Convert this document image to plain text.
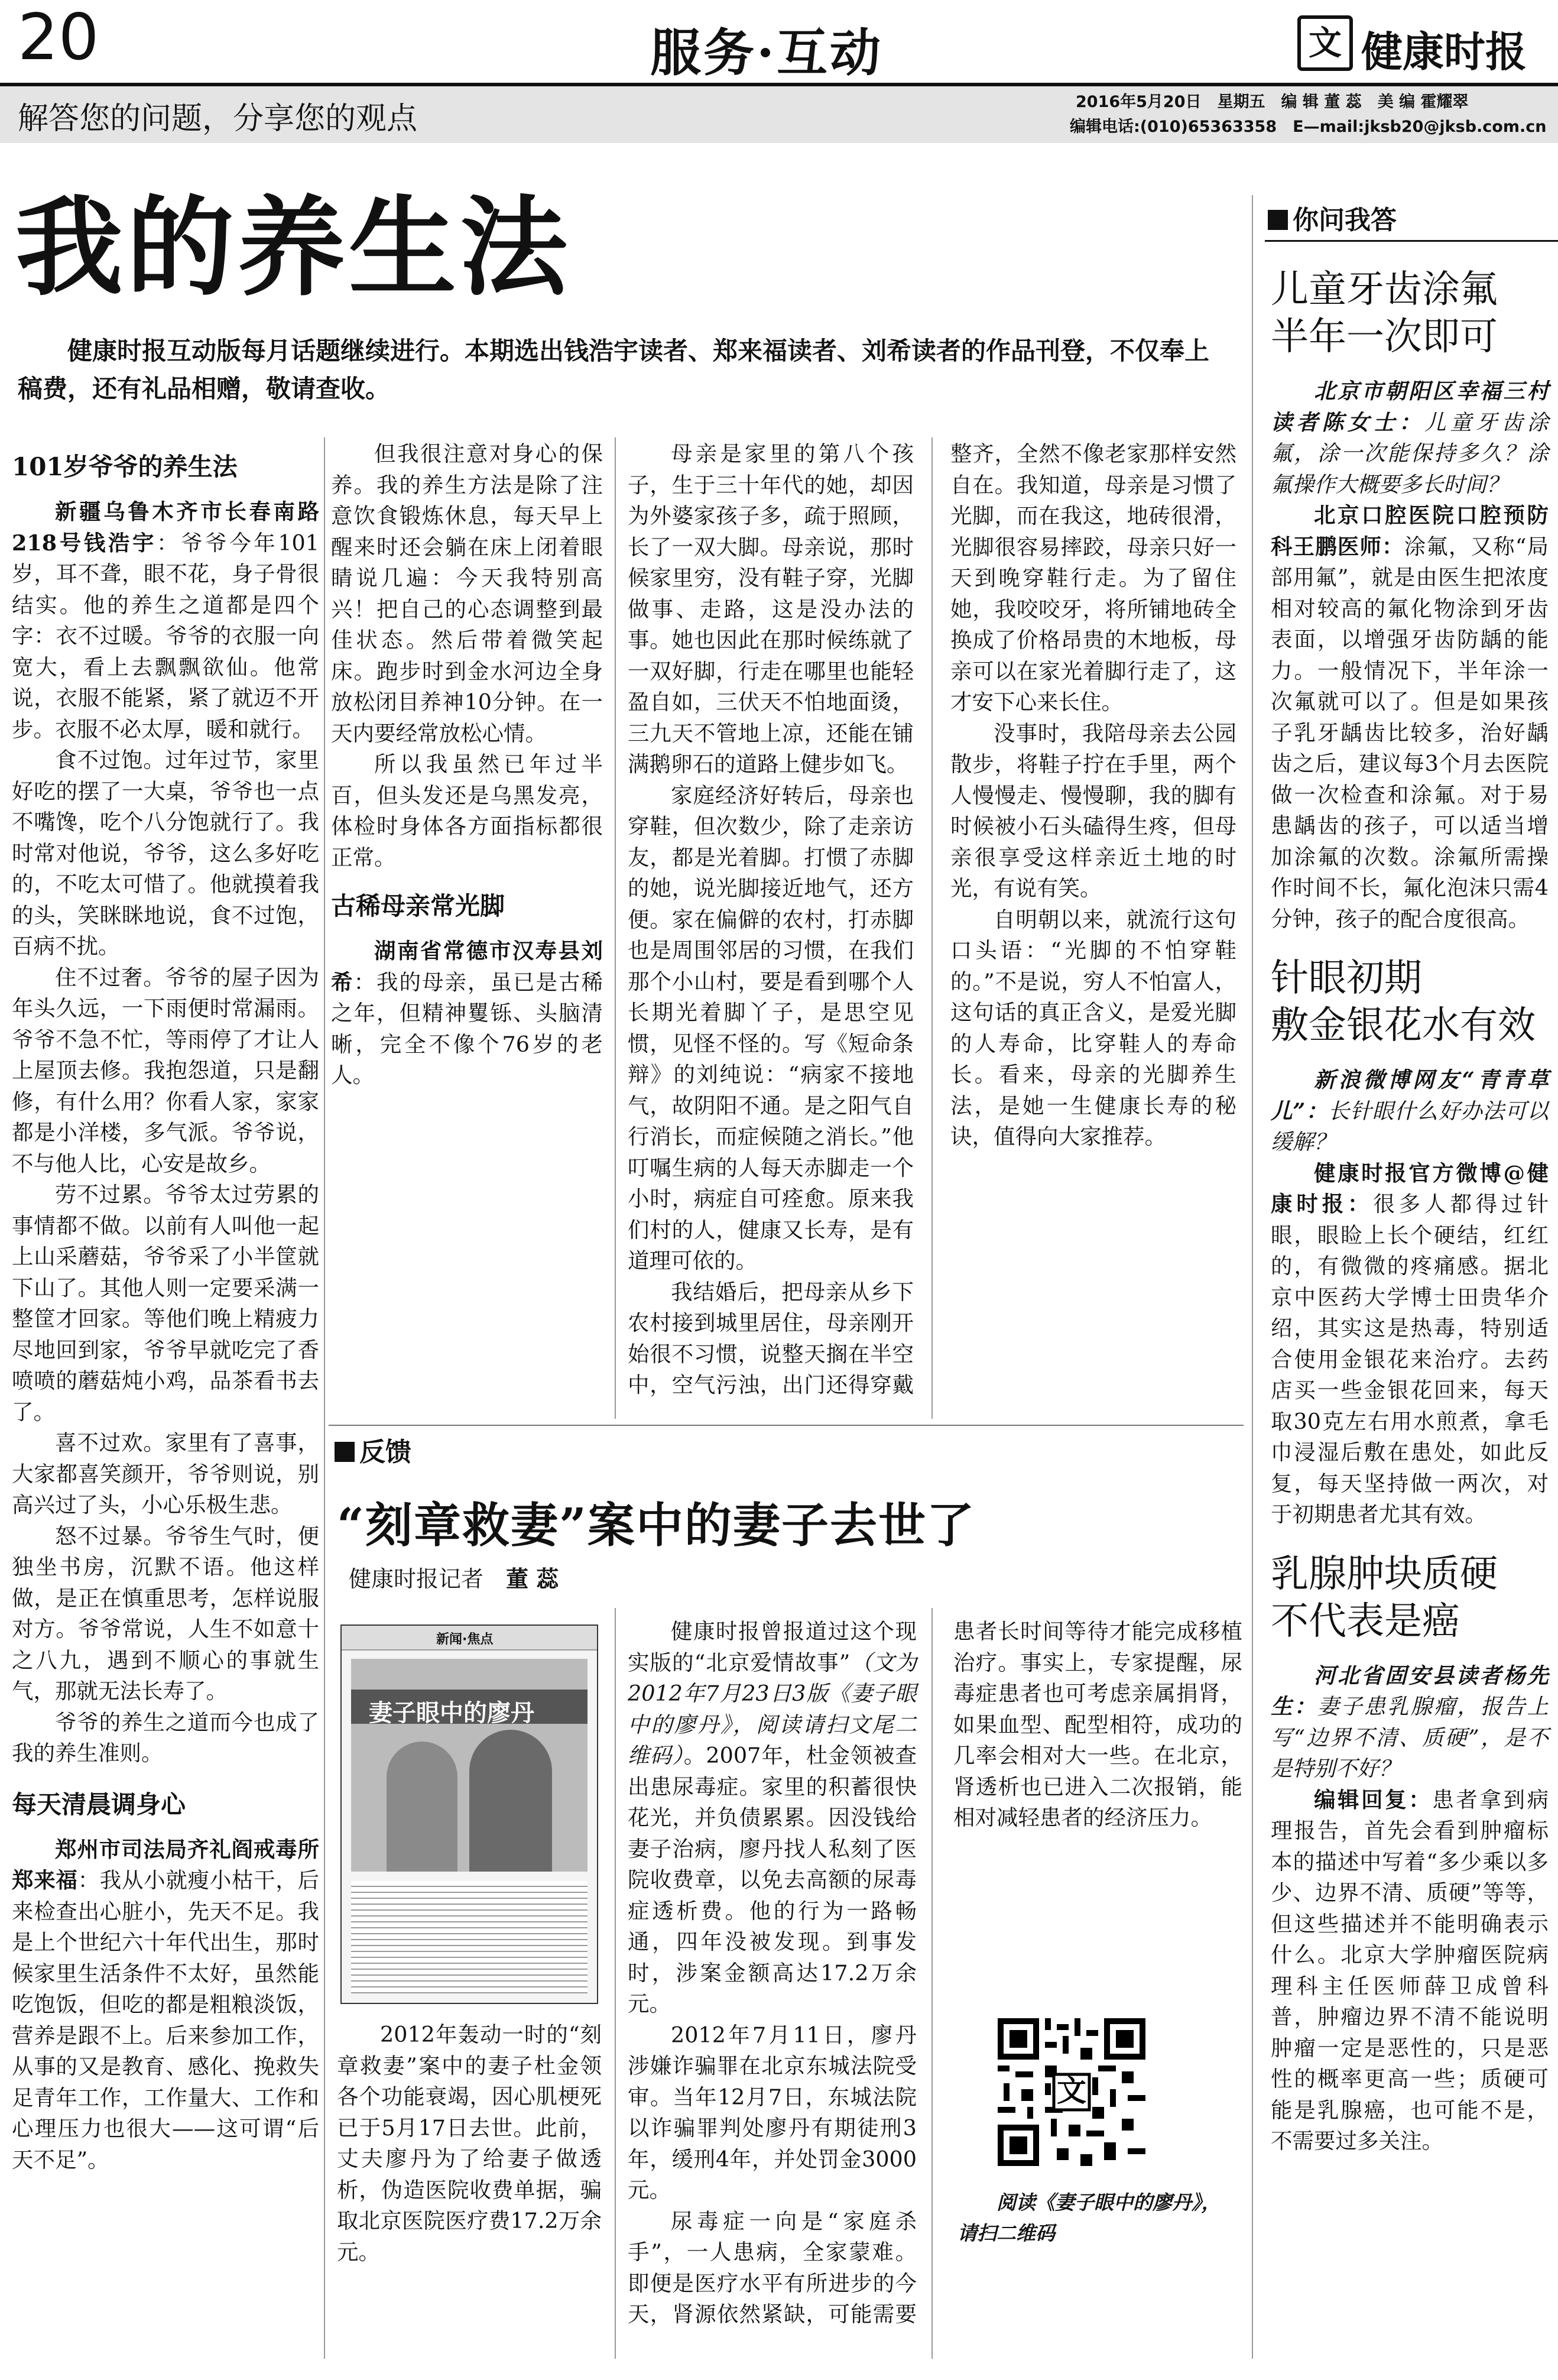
20	服务·互动	文 健康时报
解答您的问题，分享您的观点	2016年5月20日　星期五　编 辑 董 蕊　美 编 霍耀翠
编辑电话:(010)65363358　E—mail:jksb20@jksb.com.cn
我的养生法
健康时报互动版每月话题继续进行。本期选出钱浩宇读者、郑来福读者、刘希读者的作品刊登，不仅奉上稿费，还有礼品相赠，敬请查收。

101岁爷爷的养生法

新疆乌鲁木齐市长春南路218号钱浩宇：爷爷今年101岁，耳不聋，眼不花，身子骨很结实。他的养生之道都是四个字：衣不过暖。爷爷的衣服一向宽大，看上去飘飘欲仙。他常说，衣服不能紧，紧了就迈不开步。衣服不必太厚，暖和就行。

食不过饱。过年过节，家里好吃的摆了一大桌，爷爷也一点不嘴馋，吃个八分饱就行了。我时常对他说，爷爷，这么多好吃的，不吃太可惜了。他就摸着我的头，笑眯眯地说，食不过饱，百病不扰。

住不过奢。爷爷的屋子因为年头久远，一下雨便时常漏雨。爷爷不急不忙，等雨停了才让人上屋顶去修。我抱怨道，只是翻修，有什么用？你看人家，家家都是小洋楼，多气派。爷爷说，不与他人比，心安是故乡。

劳不过累。爷爷太过劳累的事情都不做。以前有人叫他一起上山采蘑菇，爷爷采了小半筐就下山了。其他人则一定要采满一整筐才回家。等他们晚上精疲力尽地回到家，爷爷早就吃完了香喷喷的蘑菇炖小鸡，品茶看书去了。

喜不过欢。家里有了喜事，大家都喜笑颜开，爷爷则说，别高兴过了头，小心乐极生悲。

怒不过暴。爷爷生气时，便独坐书房，沉默不语。他这样做，是正在慎重思考，怎样说服对方。爷爷常说，人生不如意十之八九，遇到不顺心的事就生气，那就无法长寿了。

爷爷的养生之道而今也成了我的养生准则。

每天清晨调身心

郑州市司法局齐礼阎戒毒所郑来福：我从小就瘦小枯干，后来检查出心脏小，先天不足。我是上个世纪六十年代出生，那时候家里生活条件不太好，虽然能吃饱饭，但吃的都是粗粮淡饭，营养是跟不上。后来参加工作，从事的又是教育、感化、挽救失足青年工作，工作量大、工作和心理压力也很大——这可谓“后天不足”。

但我很注意对身心的保养。我的养生方法是除了注意饮食锻炼休息，每天早上醒来时还会躺在床上闭着眼睛说几遍：今天我特别高兴！把自己的心态调整到最佳状态。然后带着微笑起床。跑步时到金水河边全身放松闭目养神10分钟。在一天内要经常放松心情。

所以我虽然已年过半百，但头发还是乌黑发亮，体检时身体各方面指标都很正常。

古稀母亲常光脚

湖南省常德市汉寿县刘希：我的母亲，虽已是古稀之年，但精神矍铄、头脑清晰，完全不像个76岁的老人。

母亲是家里的第八个孩子，生于三十年代的她，却因为外婆家孩子多，疏于照顾，长了一双大脚。母亲说，那时候家里穷，没有鞋子穿，光脚做事、走路，这是没办法的事。她也因此在那时候练就了一双好脚，行走在哪里也能轻盈自如，三伏天不怕地面烫，三九天不管地上凉，还能在铺满鹅卵石的道路上健步如飞。

家庭经济好转后，母亲也穿鞋，但次数少，除了走亲访友，都是光着脚。打惯了赤脚的她，说光脚接近地气，还方便。家在偏僻的农村，打赤脚也是周围邻居的习惯，在我们那个小山村，要是看到哪个人长期光着脚丫子，是思空见惯，见怪不怪的。写《短命条辩》的刘纯说：“病家不接地气，故阴阳不通。是之阳气自行消长，而症候随之消长。”他叮嘱生病的人每天赤脚走一个小时，病症自可痊愈。原来我们村的人，健康又长寿，是有道理可依的。

我结婚后，把母亲从乡下农村接到城里居住，母亲刚开始很不习惯，说整天搁在半空中，空气污浊，出门还得穿戴整齐，全然不像老家那样安然自在。我知道，母亲是习惯了光脚，而在我这，地砖很滑，光脚很容易摔跤，母亲只好一天到晚穿鞋行走。为了留住她，我咬咬牙，将所铺地砖全换成了价格昂贵的木地板，母亲可以在家光着脚行走了，这才安下心来长住。

没事时，我陪母亲去公园散步，将鞋子拧在手里，两个人慢慢走、慢慢聊，我的脚有时候被小石头磕得生疼，但母亲很享受这样亲近土地的时光，有说有笑。

自明朝以来，就流行这句口头语：“光脚的不怕穿鞋的。”不是说，穷人不怕富人，这句话的真正含义，是爱光脚的人寿命，比穿鞋人的寿命长。看来，母亲的光脚养生法，是她一生健康长寿的秘诀，值得向大家推荐。

反馈
“刻章救妻”案中的妻子去世了
健康时报记者　 董 蕊
新闻·焦点
妻子眼中的廖丹

2012年轰动一时的“刻章救妻”案中的妻子杜金领各个功能衰竭，因心肌梗死已于5月17日去世。此前，丈夫廖丹为了给妻子做透析，伪造医院收费单据，骗取北京医院医疗费17.2万余元。

健康时报曾报道过这个现实版的“北京爱情故事”（文为2012年7月23日3版《妻子眼中的廖丹》，阅读请扫文尾二维码）。2007年，杜金领被查出患尿毒症。家里的积蓄很快花光，并负债累累。因没钱给妻子治病，廖丹找人私刻了医院收费章，以免去高额的尿毒症透析费。他的行为一路畅通，四年没被发现。到事发时，涉案金额高达17.2万余元。

2012年7月11日，廖丹涉嫌诈骗罪在北京东城法院受审。当年12月7日，东城法院以诈骗罪判处廖丹有期徒刑3年，缓刑4年，并处罚金3000元。

尿毒症一向是“家庭杀手”，一人患病，全家蒙难。即便是医疗水平有所进步的今天，肾源依然紧缺，可能需要患者长时间等待才能完成移植治疗。事实上，专家提醒，尿毒症患者也可考虑亲属捐肾，如果血型、配型相符，成功的几率会相对大一些。在北京，肾透析也已进入二次报销，能相对减轻患者的经济压力。

文
阅读《妻子眼中的廖丹》，请扫二维码
你问我答
儿童牙齿涂氟
半年一次即可

北京市朝阳区幸福三村读者陈女士：儿童牙齿涂氟，涂一次能保持多久？涂氟操作大概要多长时间？

北京口腔医院口腔预防科王鹏医师：涂氟，又称“局部用氟”，就是由医生把浓度相对较高的氟化物涂到牙齿表面，以增强牙齿防龋的能力。一般情况下，半年涂一次氟就可以了。但是如果孩子乳牙龋齿比较多，治好龋齿之后，建议每3个月去医院做一次检查和涂氟。对于易患龋齿的孩子，可以适当增加涂氟的次数。涂氟所需操作时间不长，氟化泡沫只需4分钟，孩子的配合度很高。

针眼初期
敷金银花水有效

新浪微博网友“青青草儿”：长针眼什么好办法可以缓解？

健康时报官方微博@健康时报：很多人都得过针眼，眼睑上长个硬结，红红的，有微微的疼痛感。据北京中医药大学博士田贵华介绍，其实这是热毒，特别适合使用金银花来治疗。去药店买一些金银花回来，每天取30克左右用水煎煮，拿毛巾浸湿后敷在患处，如此反复，每天坚持做一两次，对于初期患者尤其有效。

乳腺肿块质硬
不代表是癌

河北省固安县读者杨先生：妻子患乳腺瘤，报告上写“边界不清、质硬”，是不是特别不好？

编辑回复：患者拿到病理报告，首先会看到肿瘤标本的描述中写着“多少乘以多少、边界不清、质硬”等等，但这些描述并不能明确表示什么。北京大学肿瘤医院病理科主任医师薛卫成曾科普，肿瘤边界不清不能说明肿瘤一定是恶性的，只是恶性的概率更高一些；质硬可能是乳腺癌，也可能不是，不需要过多关注。
